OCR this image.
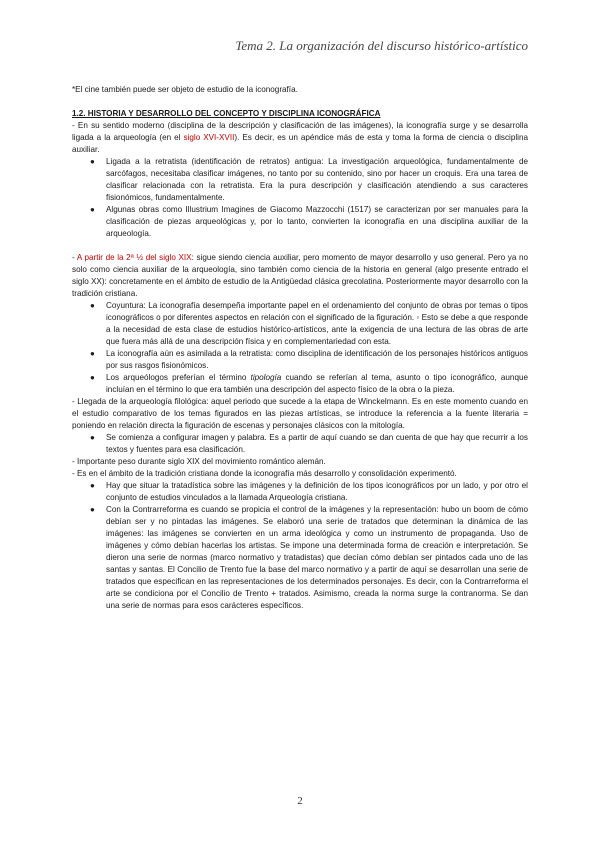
Tema 2. La organización del discurso histórico-artístico

*El cine también puede ser objeto de estudio de la iconografía.

1.2. HISTORIA Y DESARROLLO DEL CONCEPTO Y DISCIPLINA ICONOGRÁFICA

- En su sentido moderno (disciplina de la descripción y clasificación de las imágenes), la iconografía surge y se desarrolla ligada a la arqueología (en el siglo XVI-XVII). Es decir, es un apéndice más de esta y toma la forma de ciencia o disciplina auxiliar.

● Ligada a la retratista (identificación de retratos) antigua: La investigación arqueológica, fundamentalmente de sarcófagos, necesitaba clasificar imágenes, no tanto por su contenido, sino por hacer un croquis. Era una tarea de clasificar relacionada con la retratista. Era la pura descripción y clasificación atendiendo a sus caracteres fisionómicos, fundamentalmente.
● Algunas obras como Illustrium Imagines de Giacomo Mazzocchi (1517) se caracterizan por ser manuales para la clasificación de piezas arqueológicas y, por lo tanto, convierten la iconografía en una disciplina auxiliar de la arqueología.

- A partir de la 2ª ½ del siglo XIX: sigue siendo ciencia auxiliar, pero momento de mayor desarrollo y uso general. Pero ya no solo como ciencia auxiliar de la arqueología, sino también como ciencia de la historia en general (algo presente entrado el siglo XX): concretamente en el ámbito de estudio de la Antigüedad clásica grecolatina. Posteriormente mayor desarrollo con la tradición cristiana.

● Coyuntura: La iconografía desempeña importante papel en el ordenamiento del conjunto de obras por temas o tipos iconográficos o por diferentes aspectos en relación con el significado de la figuración. ◦ Esto se debe a que responde a la necesidad de esta clase de estudios histórico-artísticos, ante la exigencia de una lectura de las obras de arte que fuera más allá de una descripción física y en complementariedad con esta.
● La iconografía aún es asimilada a la retratista: como disciplina de identificación de los personajes históricos antiguos por sus rasgos fisionómicos.
● Los arqueólogos preferían el término tipología cuando se referían al tema, asunto o tipo iconográfico, aunque incluían en el término lo que era también una descripción del aspecto físico de la obra o la pieza.

- Llegada de la arqueología filológica: aquel periodo que sucede a la etapa de Winckelmann. Es en este momento cuando en el estudio comparativo de los temas figurados en las piezas artísticas, se introduce la referencia a la fuente literaria = poniendo en relación directa la figuración de escenas y personajes clásicos con la mitología.

● Se comienza a configurar imagen y palabra. Es a partir de aquí cuando se dan cuenta de que hay que recurrir a los textos y fuentes para esa clasificación.

- Importante peso durante siglo XIX del movimiento romántico alemán.

- Es en el ámbito de la tradición cristiana donde la iconografía más desarrollo y consolidación experimentó.

● Hay que situar la tratadística sobre las imágenes y la definición de los tipos iconográficos por un lado, y por otro el conjunto de estudios vinculados a la llamada Arqueología cristiana.
● Con la Contrarreforma es cuando se propicia el control de la imágenes y la representación: hubo un boom de cómo debían ser y no pintadas las imágenes. Se elaboró una serie de tratados que determinan la dinámica de las imágenes: las imágenes se convierten en un arma ideológica y como un instrumento de propaganda. Uso de imágenes y cómo debían hacerlas los artistas. Se impone una determinada forma de creación e interpretación. Se dieron una serie de normas (marco normativo y tratadistas) que decían cómo debían ser pintados cada uno de las santas y santas. El Concilio de Trento fue la base del marco normativo y a partir de aquí se desarrollan una serie de tratados que especifican en las representaciones de los determinados personajes. Es decir, con la Contrarreforma el arte se condiciona por el Concilio de Trento + tratados. Asimismo, creada la norma surge la contranorma. Se dan una serie de normas para esos carácteres específicos.
2
